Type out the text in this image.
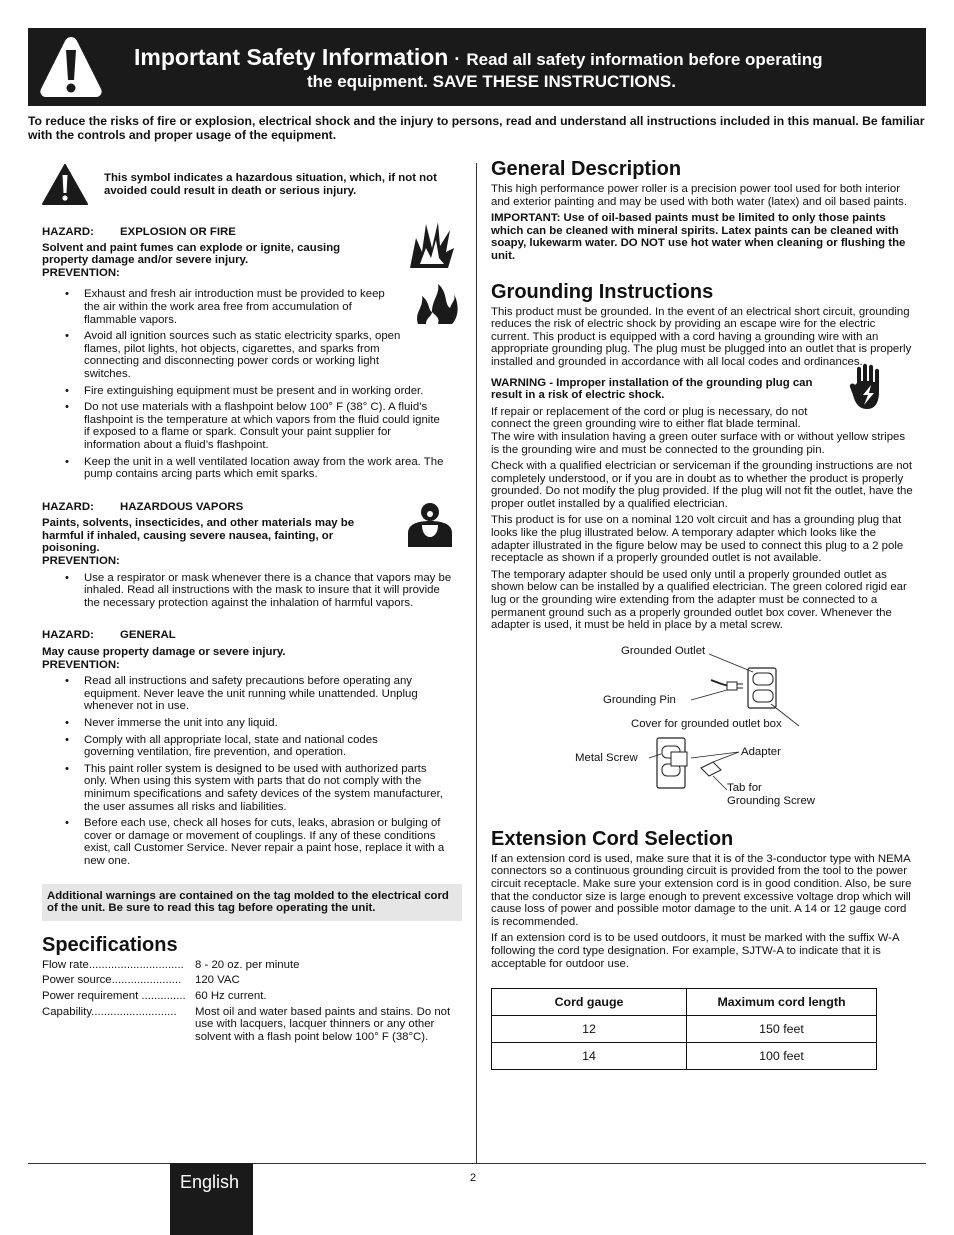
Important Safety Information · Read all safety information before operating
the equipment. SAVE THESE INSTRUCTIONS.
To reduce the risks of fire or explosion, electrical shock and the injury to persons, read and understand all instructions included in this manual. Be familiar with the controls and proper usage of the equipment.
This symbol indicates a hazardous situation, which, if not not avoided could result in death or serious injury.
HAZARD: EXPLOSION OR FIRE
Solvent and paint fumes can explode or ignite, causing property damage and/or severe injury.
PREVENTION:
• Exhaust and fresh air introduction must be provided to keep the air within the work area free from accumulation of flammable vapors.
• Avoid all ignition sources such as static electricity sparks, open flames, pilot lights, hot objects, cigarettes, and sparks from connecting and disconnecting power cords or working light switches.
• Fire extinguishing equipment must be present and in working order.
• Do not use materials with a flashpoint below 100° F (38° C). A fluid’s flashpoint is the temperature at which vapors from the fluid could ignite if exposed to a flame or spark. Consult your paint supplier for information about a fluid’s flashpoint.
• Keep the unit in a well ventilated location away from the work area. The pump contains arcing parts which emit sparks.
HAZARD: HAZARDOUS VAPORS
Paints, solvents, insecticides, and other materials may be harmful if inhaled, causing severe nausea, fainting, or poisoning.
PREVENTION:
• Use a respirator or mask whenever there is a chance that vapors may be inhaled. Read all instructions with the mask to insure that it will provide the necessary protection against the inhalation of harmful vapors.
HAZARD: GENERAL
May cause property damage or severe injury.
PREVENTION:
• Read all instructions and safety precautions before operating any equipment. Never leave the unit running while unattended. Unplug whenever not in use.
• Never immerse the unit into any liquid.
• Comply with all appropriate local, state and national codes governing ventilation, fire prevention, and operation.
• This paint roller system is designed to be used with authorized parts only. When using this system with parts that do not comply with the minimum specifications and safety devices of the system manufacturer, the user assumes all risks and liabilities.
• Before each use, check all hoses for cuts, leaks, abrasion or bulging of cover or damage or movement of couplings. If any of these conditions exist, call Customer Service. Never repair a paint hose, replace it with a new one.
Additional warnings are contained on the tag molded to the electrical cord of the unit. Be sure to read this tag before operating the unit.
Specifications
Flow rate.............................. 8 - 20 oz. per minute
Power source......................	120 VAC
Power requirement .............. 60 Hz current.
Capability...........................	Most oil and water based paints and stains. Do not use with lacquers, lacquer thinners or any other solvent with a flash point below 100° F (38°C).
General Description

This high performance power roller is a precision power tool used for both interior and exterior painting and may be used with both water (latex) and oil based paints.

IMPORTANT: Use of oil-based paints must be limited to only those paints which can be cleaned with mineral spirits. Latex paints can be cleaned with soapy, lukewarm water. DO NOT use hot water when cleaning or flushing the unit.

Grounding Instructions

This product must be grounded. In the event of an electrical short circuit, grounding reduces the risk of electric shock by providing an escape wire for the electric current. This product is equipped with a cord having a grounding wire with an appropriate grounding plug. The plug must be plugged into an outlet that is properly installed and grounded in accordance with all local codes and ordinances.

WARNING - Improper installation of the grounding plug can result in a risk of electric shock.

If repair or replacement of the cord or plug is necessary, do not connect the green grounding wire to either flat blade terminal.

The wire with insulation having a green outer surface with or without yellow stripes is the grounding wire and must be connected to the grounding pin.

Check with a qualified electrician or serviceman if the grounding instructions are not completely understood, or if you are in doubt as to whether the product is properly grounded. Do not modify the plug provided. If the plug will not fit the outlet, have the proper outlet installed by a qualified electrician.

This product is for use on a nominal 120 volt circuit and has a grounding plug that looks like the plug illustrated below. A temporary adapter which looks like the adapter illustrated in the figure below may be used to connect this plug to a 2 pole receptacle as shown if a properly grounded outlet is not available.

The temporary adapter should be used only until a properly grounded outlet as shown below can be installed by a qualified electrician. The green colored rigid ear lug or the grounding wire extending from the adapter must be connected to a permanent ground such as a properly grounded outlet box cover. Whenever the adapter is used, it must be held in place by a metal screw.

Grounded Outlet
Grounding Pin
Cover for grounded outlet box
Adapter
Metal Screw
Tab for
Grounding Screw
Extension Cord Selection

If an extension cord is used, make sure that it is of the 3-conductor type with NEMA connectors so a continuous grounding circuit is provided from the tool to the power circuit receptacle. Make sure your extension cord is in good condition. Also, be sure that the conductor size is large enough to prevent excessive voltage drop which will cause loss of power and possible motor damage to the unit. A 14 or 12 gauge cord is recommended.

If an extension cord is to be used outdoors, it must be marked with the suffix W-A following the cord type designation. For example, SJTW-A to indicate that it is acceptable for outdoor use.

Cord gauge	Maximum cord length
12	150 feet
14	100 feet
English	2
